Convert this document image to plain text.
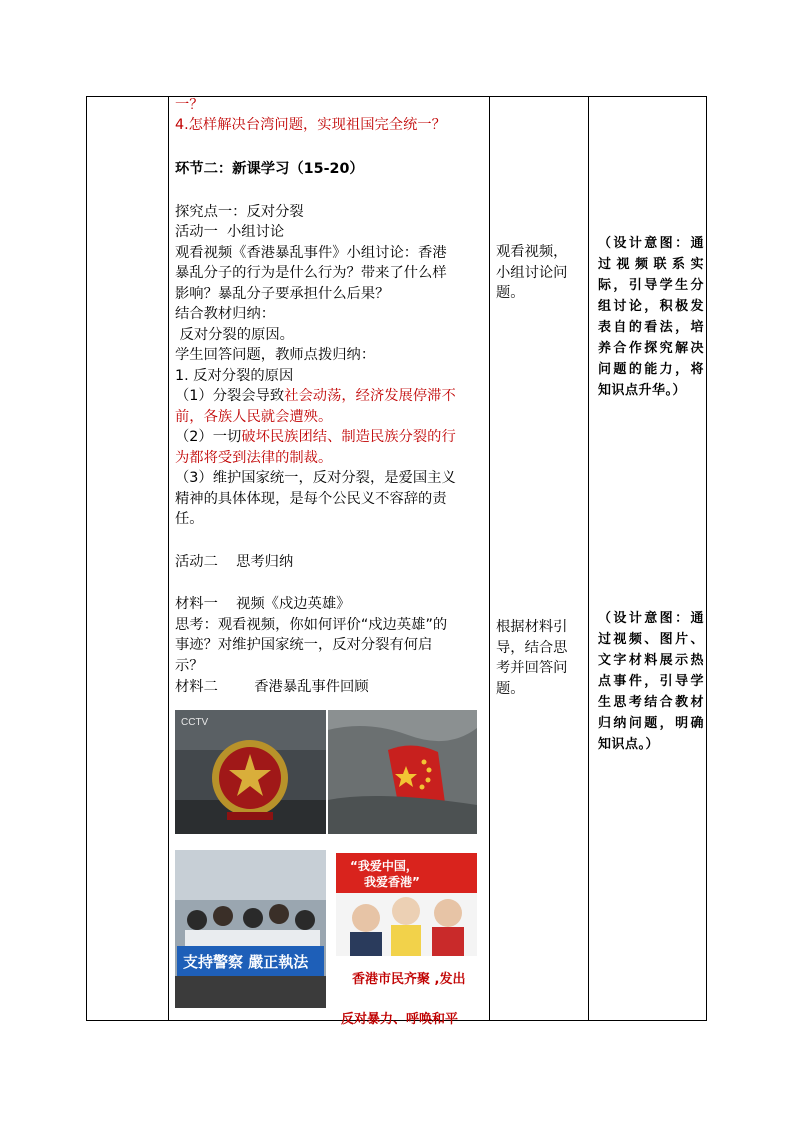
一？

4.怎样解决台湾问题，实现祖国完全统一？

环节二：新课学习（15-20）

探究点一：反对分裂

活动一  小组讨论

观看视频《香港暴乱事件》小组讨论：香港

暴乱分子的行为是什么行为？带来了什么样

影响？暴乱分子要承担什么后果？

结合教材归纳：

反对分裂的原因。

学生回答问题，教师点拨归纳：

1. 反对分裂的原因

（1）分裂会导致社会动荡，经济发展停滞不

前，各族人民就会遭殃。

（2）一切破坏民族团结、制造民族分裂的行

为都将受到法律的制裁。

（3）维护国家统一，反对分裂，是爱国主义

精神的具体体现，是每个公民义不容辞的责

任。

活动二    思考归纳

材料一    视频《戍边英雄》

思考：观看视频，你如何评价“戍边英雄”的

事迹？对维护国家统一，反对分裂有何启

示？

材料二        香港暴乱事件回顾

CCTV
支持警察 嚴正執法
“我爱中国，
我爱香港”

香港市民齐聚 ,发出

反对暴力、呼唤和平

观看视频，
小组讨论问
题。
根据材料引
导，结合思
考并回答问
题。
（设计意图：通过视频联系实际，引导学生分组讨论，积极发表自的看法，培养合作探究解决问题的能力，将知识点升华。）
（设计意图：通过视频、图片、文字材料展示热点事件，引导学生思考结合教材归纳问题，明确知识点。）
